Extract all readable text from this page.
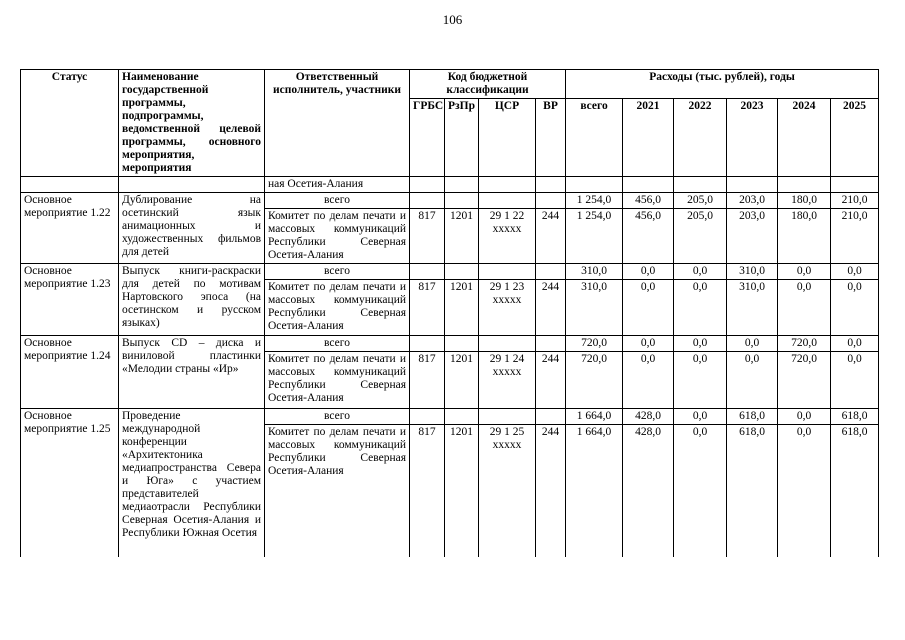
106
Статус	Наименование государственной программы, подпрограммы, ведомственной целевой программы, основного мероприятия, мероприятия	Ответственный исполнитель, участники	Код бюджетной классификации				Расходы (тыс. рублей), годы					
			ГРБС	РзПр	ЦСР	ВР	всего	2021	2022	2023	2024	2025
		ная Осетия-Алания										
Основное мероприятие 1.22	Дублирование на осетинский язык анимационных и художественных фильмов для детей	всего					1 254,0	456,0	205,0	203,0	180,0	210,0
		Комитет по делам печати и массовых коммуникаций Республики Северная Осетия-Алания	817	1201	29 1 22 ххххх	244	1 254,0	456,0	205,0	203,0	180,0	210,0
Основное мероприятие 1.23	Выпуск книги-раскраски для детей по мотивам Нартовского эпоса (на осетинском и русском языках)	всего					310,0	0,0	0,0	310,0	0,0	0,0
		Комитет по делам печати и массовых коммуникаций Республики Северная Осетия-Алания	817	1201	29 1 23 ххххх	244	310,0	0,0	0,0	310,0	0,0	0,0
Основное мероприятие 1.24	Выпуск CD – диска и виниловой пластинки «Мелодии страны «Ир»	всего					720,0	0,0	0,0	0,0	720,0	0,0
		Комитет по делам печати и массовых коммуникаций Республики Северная Осетия-Алания	817	1201	29 1 24 ххххх	244	720,0	0,0	0,0	0,0	720,0	0,0
Основное мероприятие 1.25	Проведение международной конференции «Архитектоника медиапространства Севера и Юга» с участием представителей медиаотрасли Республики Северная Осетия-Алания и Республики Южная Осетия	всего					1 664,0	428,0	0,0	618,0	0,0	618,0
		Комитет по делам печати и массовых коммуникаций Республики Северная Осетия-Алания	817	1201	29 1 25 ххххх	244	1 664,0	428,0	0,0	618,0	0,0	618,0
